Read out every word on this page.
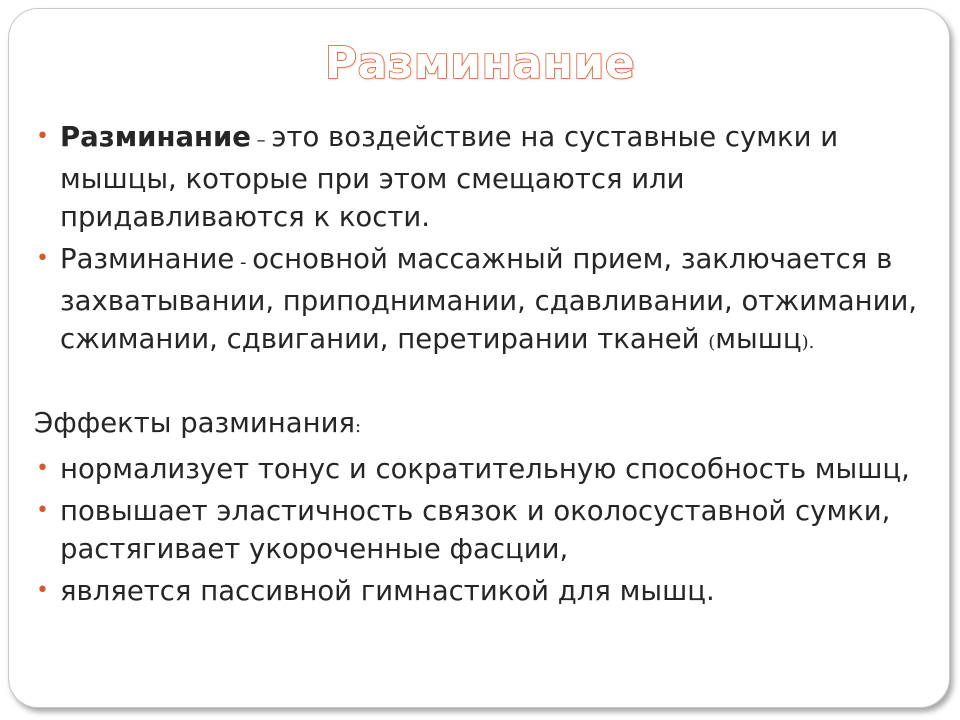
Разминание
• Разминание – это воздействие на суставные сумки и мышцы, которые при этом смещаются или придавливаются к кости.
• Разминание - основной массажный прием, заключается в захватывании, приподнимании, сдавливании, отжимании, сжимании, сдвигании, перетирании тканей (мышц).
Эффекты разминания:
• нормализует тонус и сократительную способность мышц,
• повышает эластичность связок и околосуставной сумки, растягивает укороченные фасции,
• является пассивной гимнастикой для мышц.
